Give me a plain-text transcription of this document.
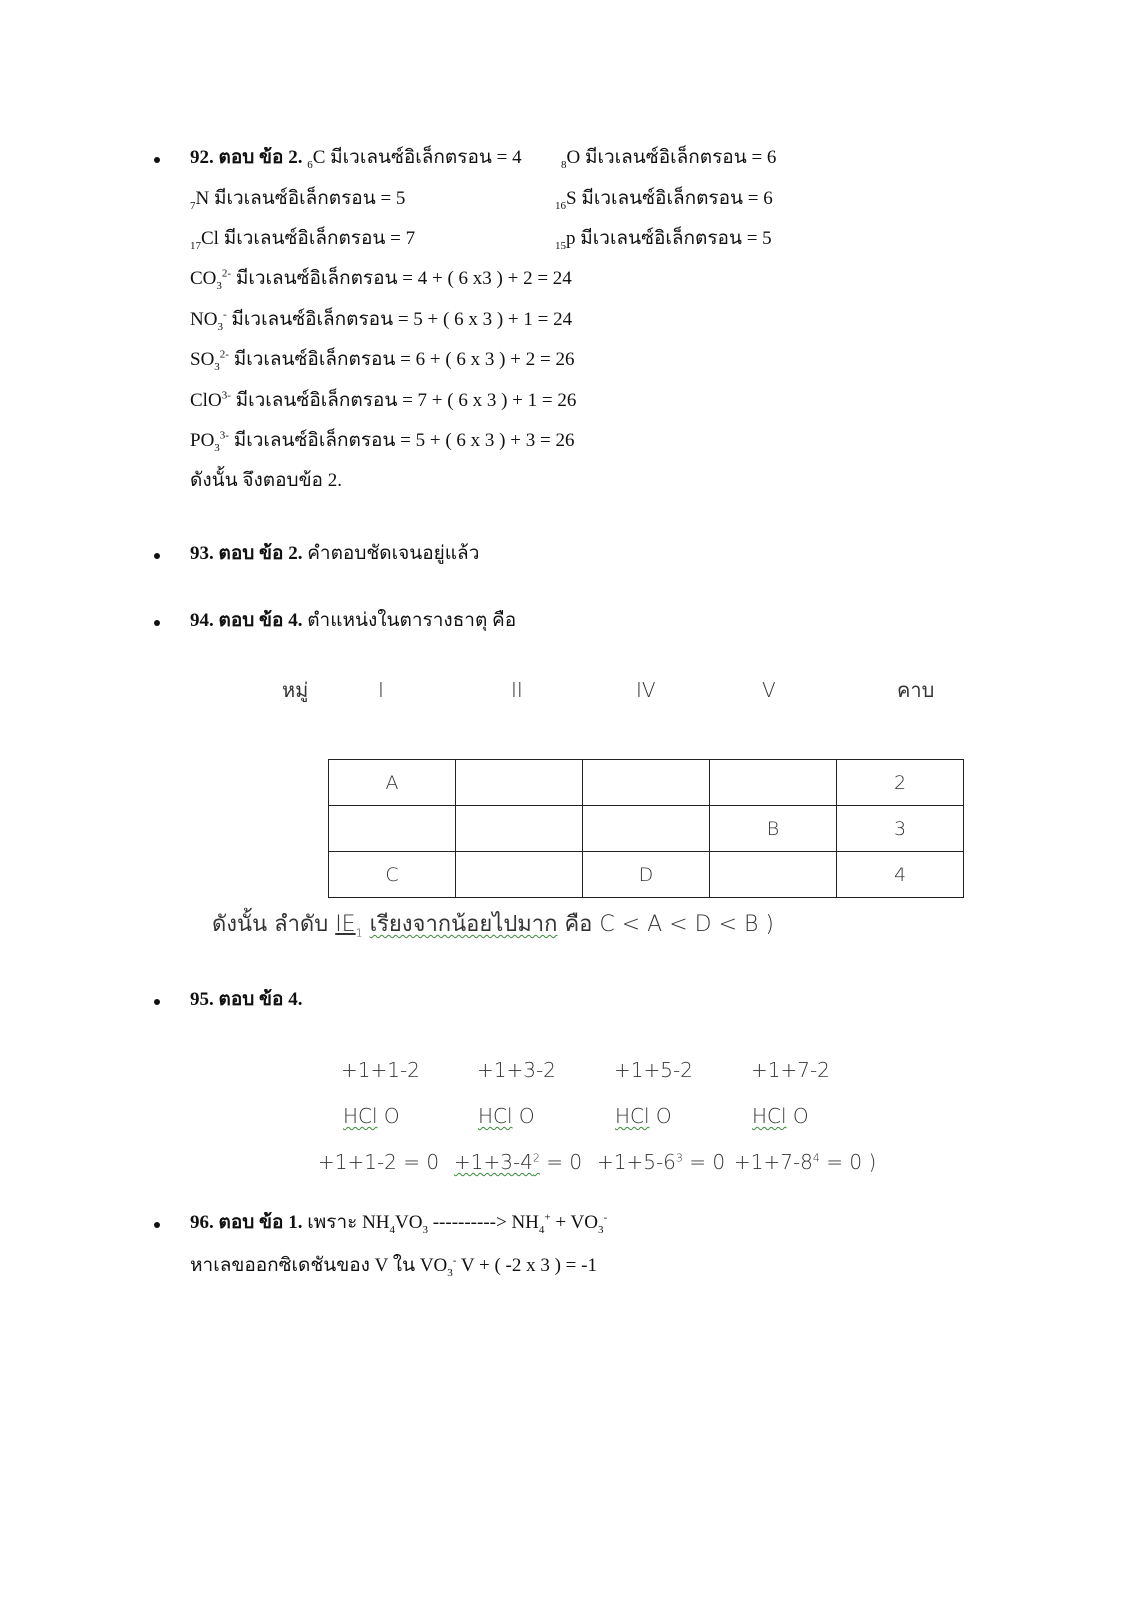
92. ตอบ ข้อ 2. $_6$C มีเวเลนซ์อิเล็กตรอน = 4	$_8$O มีเวเลนซ์อิเล็กตรอน = 6
$_7$N มีเวเลนซ์อิเล็กตรอน = 5	$_{16}$S มีเวเลนซ์อิเล็กตรอน = 6
$_{17}$Cl มีเวเลนซ์อิเล็กตรอน = 7	$_{15}$p มีเวเลนซ์อิเล็กตรอน = 5
$CO_3^{2-}$ มีเวเลนซ์อิเล็กตรอน = 4 + ( 6 x3 ) + 2 = 24
$NO_3^-$ มีเวเลนซ์อิเล็กตรอน = 5 + ( 6 x 3 ) + 1 = 24
$SO_3^{2-}$ มีเวเลนซ์อิเล็กตรอน = 6 + ( 6 x 3 ) + 2 = 26
ClO$^{3-}$ มีเวเลนซ์อิเล็กตรอน = 7 + ( 6 x 3 ) + 1 = 26
$PO_3^{3-}$ มีเวเลนซ์อิเล็กตรอน = 5 + ( 6 x 3 ) + 3 = 26
ดังนั้น จึงตอบข้อ 2.
93. ตอบ ข้อ 2. คำตอบชัดเจนอยู่แล้ว
94. ตอบ ข้อ 4. ตำแหน่งในตารางธาตุ คือ
หมู่	I	II	IV	V	คาบ
A				2
			B	3
C		D		4
ดังนั้น ลำดับ $IE_1$ เรียงจากน้อยไปมาก คือ C < A < D < B )
95. ตอบ ข้อ 4.
+1+1-2	+1+3-2	+1+5-2	+1+7-2
HCl O	HCl O	HCl O	HCl O
$+1+1-2 = 0 +1+3-4^2 = 0 +1+5-6^3 = 0 +1+7-8^4 = 0$ )
96. ตอบ ข้อ 1. เพราะ $NH_4VO_3$ ----------> $NH_4^+ + VO_3^-$
หาเลขออกซิเดชันของ V ใน $VO_3^-$ V + ( -2 x 3 ) = -1
